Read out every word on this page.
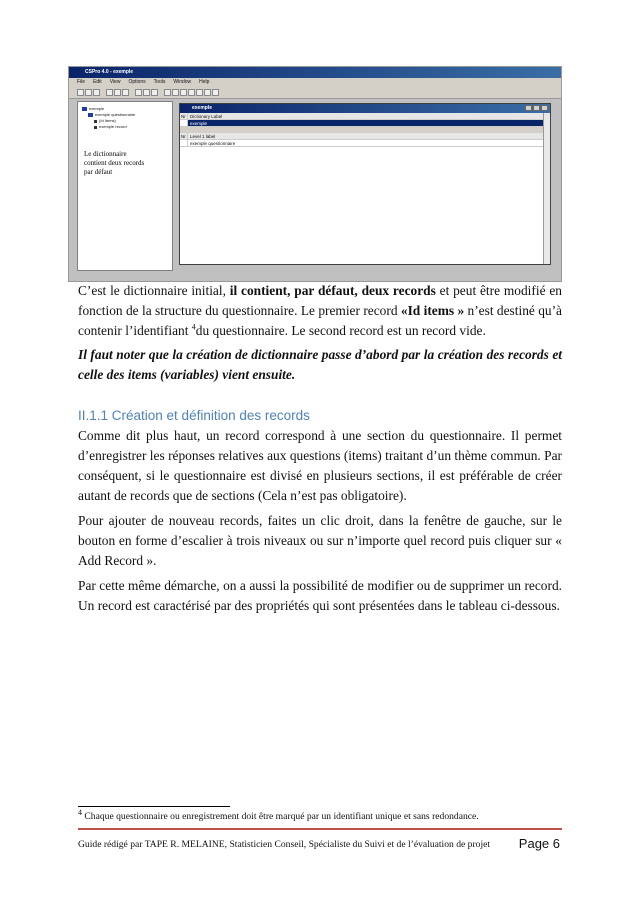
CSPro 4.0 - exemple
File Edit View Options Tools Window Help
exemple
exemple questionnaire
(Id Items)
exemple record
Le dictionnaire
contient deux records
par défaut
exemple
Nr Dictionary Label
exemple
Nr Level 1 label
exemple questionnaire
C’est le dictionnaire initial, il contient, par défaut, deux records et peut être modifié en fonction de la structure du questionnaire. Le premier record «Id items » n’est destiné qu’à contenir l’identifiant $^4$du questionnaire. Le second record est un record vide.
Il faut noter que la création de dictionnaire passe d’abord par la création des records et celle des items (variables) vient ensuite.
II.1.1 Création et définition des records
Comme dit plus haut, un record correspond à une section du questionnaire. Il permet d’enregistrer les réponses relatives aux questions (items) traitant d’un thème commun. Par conséquent, si le questionnaire est divisé en plusieurs sections, il est préférable de créer autant de records que de sections (Cela n’est pas obligatoire).
Pour ajouter de nouveau records, faites un clic droit, dans la fenêtre de gauche, sur le bouton en forme d’escalier à trois niveaux ou sur n’importe quel record puis cliquer sur « Add Record ».
Par cette même démarche, on a aussi la possibilité de modifier ou de supprimer un record. Un record est caractérisé par des propriétés qui sont présentées dans le tableau ci-dessous.
$^4$ Chaque questionnaire ou enregistrement doit être marqué par un identifiant unique et sans redondance.
Guide rédigé par TAPE R. MELAINE, Statisticien Conseil, Spécialiste du Suivi et de l’évaluation de projet Page 6
